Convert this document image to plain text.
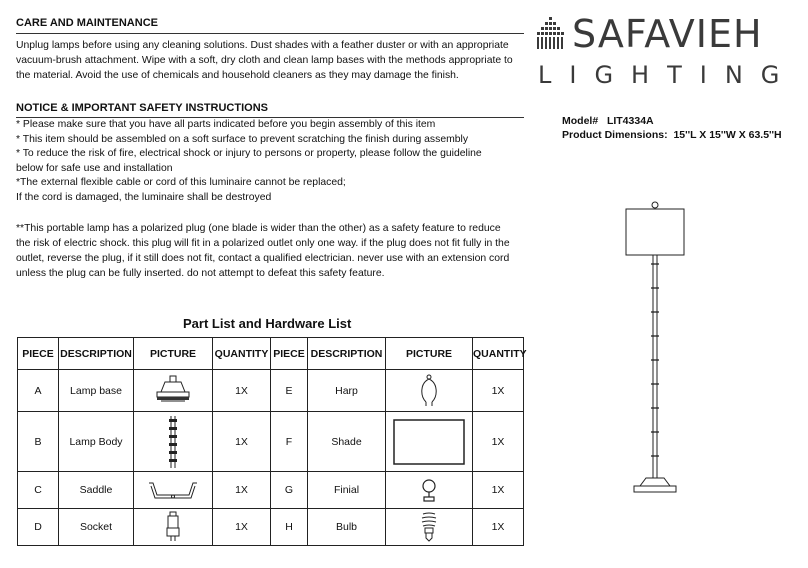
CARE AND MAINTENANCE
Unplug lamps before using any cleaning solutions. Dust shades with a feather duster or with an appropriate
vacuum-brush attachment. Wipe with a soft, dry cloth and clean lamp bases with the methods appropriate to
the material. Avoid the use of chemicals and household cleaners as they may damage the finish.
NOTICE & IMPORTANT SAFETY INSTRUCTIONS
* Please make sure that you have all parts indicated before you begin assembly of this item
* This item should be assembled on a soft surface to prevent scratching the finish during assembly
* To reduce the risk of fire, electrical shock or injury to persons or property, please follow the guideline
below for safe use and installation
*The external flexible cable or cord of this luminaire cannot be replaced;
If the cord is damaged, the luminaire shall be destroyed
**This portable lamp has a polarized plug (one blade is wider than the other) as a safety feature to reduce
the risk of electric shock. this plug will fit in a polarized outlet only one way. if the plug does not fit fully in the
outlet, reverse the plug, if it still does not fit, contact a qualified electrician. never use with an extension cord
unless the plug can be fully inserted. do not attempt to defeat this safety feature.
SAFAVIEH
LIGHTING
Model# LIT4334A
Product Dimensions: 15''L X 15''W X 63.5''H
Part List and Hardware List
PIECE	DESCRIPTION	PICTURE	QUANTITY	PIECE	DESCRIPTION	PICTURE	QUANTITY
A	Lamp base		1X	E	Harp		1X
B	Lamp Body		1X	F	Shade		1X
C	Saddle		1X	G	Finial		1X
D	Socket		1X	H	Bulb		1X
